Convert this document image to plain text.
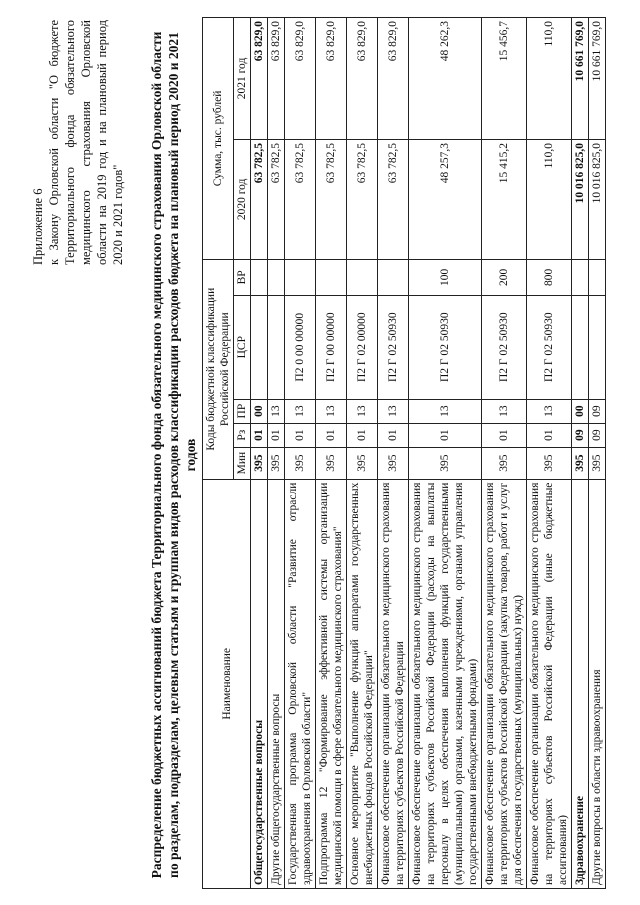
Приложение 6 к Закону Орловской области "О бюджете Территориального фонда обязательного медицинского страхования Орловской области на 2019 год и на плановый период 2020 и 2021 годов" Распределение бюджетных ассигнований бюджета Территориального фонда обязательного медицинского страхования Орловской области по разделам, подразделам, целевым статьям и группам видов расходов классификации расходов бюджета на плановый период 2020 и 2021 годов
Наименование	Коды бюджетной классификации Российской Федерации					Сумма, тыс. рублей	
	Мин	Рз	ПР	ЦСР	ВР	2020 год	2021 год
Общегосударственные вопросы	395	01	00			63 782,5	63 829,0
Другие общегосударственные вопросы	395	01	13			63 782,5	63 829,0
Государственная программа Орловской области "Развитие отрасли здравоохранения в Орловской области"	395	01	13	П2 0 00 00000		63 782,5	63 829,0
Подпрограмма 12 "Формирование эффективной системы организации медицинской помощи в сфере обязательного медицинского страхования"	395	01	13	П2 Г 00 00000		63 782,5	63 829,0
Основное мероприятие "Выполнение функций аппаратами государственных внебюджетных фондов Российской Федерации"	395	01	13	П2 Г 02 00000		63 782,5	63 829,0
Финансовое обеспечение организации обязательного медицинского страхования на территориях субъектов Российской Федерации	395	01	13	П2 Г 02 50930		63 782,5	63 829,0
Финансовое обеспечение организации обязательного медицинского страхования на территориях субъектов Российской Федерации (расходы на выплаты персоналу в целях обеспечения выполнения функций государственными (муниципальными) органами, казенными учреждениями, органами управления государственными внебюджетными фондами)	395	01	13	П2 Г 02 50930	100	48 257,3	48 262,3
Финансовое обеспечение организации обязательного медицинского страхования на территориях субъектов Российской Федерации (закупка товаров, работ и услуг для обеспечения государственных (муниципальных) нужд)	395	01	13	П2 Г 02 50930	200	15 415,2	15 456,7
Финансовое обеспечение организации обязательного медицинского страхования на территориях субъектов Российской Федерации (иные бюджетные ассигнования)	395	01	13	П2 Г 02 50930	800	110,0	110,0
Здравоохранение	395	09	00			10 016 825,0	10 661 769,0
Другие вопросы в области здравоохранения	395	09	09			10 016 825,0	10 661 769,0
